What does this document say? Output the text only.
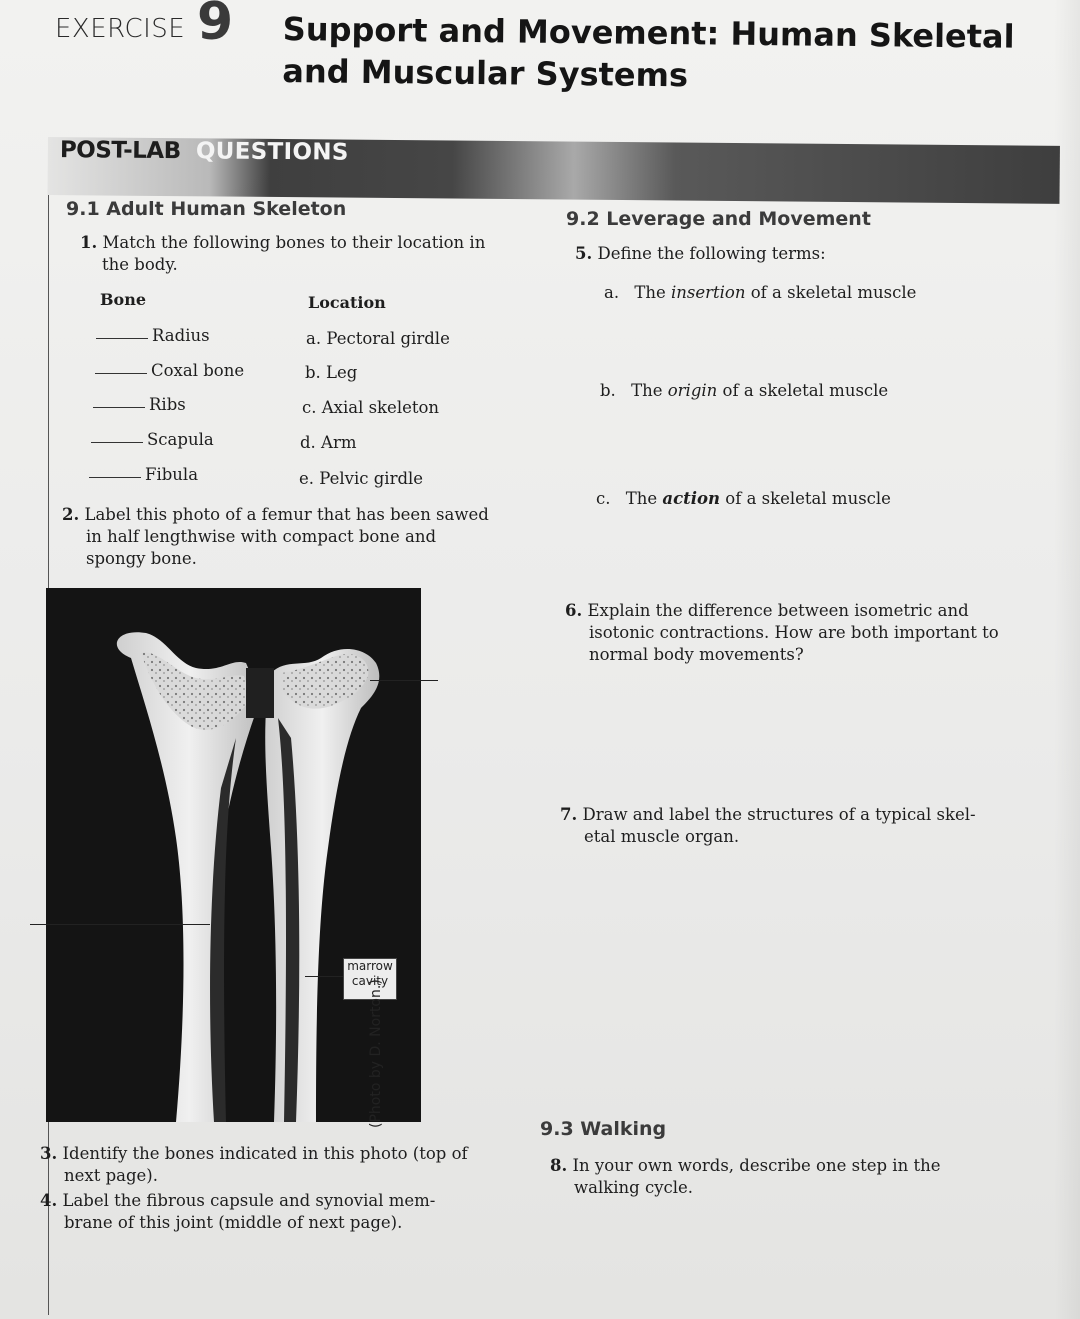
EXERCISE 9 Support and Movement: Human Skeletal
and Muscular Systems
POST-LAB QUESTIONS
9.1 Adult Human Skeleton
1. Match the following bones to their location in
the body.
Bone	Location
Radius
Coxal bone
Ribs
Scapula
Fibula
a. Pectoral girdle
b. Leg
c. Axial skeleton
d. Arm
e. Pelvic girdle
2. Label this photo of a femur that has been sawed
in half lengthwise with compact bone and
spongy bone.
marrow
cavity
(Photo by D. Norton.)
3. Identify the bones indicated in this photo (top of
next page).
4. Label the fibrous capsule and synovial mem-
brane of this joint (middle of next page).
9.2 Leverage and Movement
5. Define the following terms:
a. The insertion of a skeletal muscle
b. The origin of a skeletal muscle
c. The action of a skeletal muscle
6. Explain the difference between isometric and
isotonic contractions. How are both important to
normal body movements?
7. Draw and label the structures of a typical skel-
etal muscle organ.
9.3 Walking
8. In your own words, describe one step in the
walking cycle.
